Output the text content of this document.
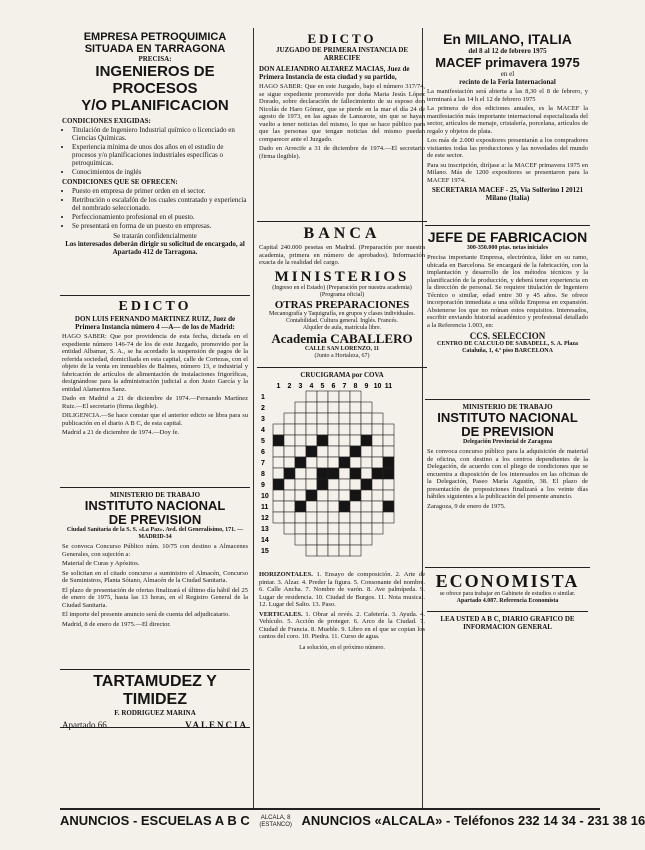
EMPRESA PETROQUIMICA
SITUADA EN TARRAGONA
PRECISA:
INGENIEROS DE PROCESOS
Y/O PLANIFICACION
CONDICIONES EXIGIDAS:
• Titulación de Ingeniero Industrial químico o licenciado en Ciencias Químicas.
• Experiencia mínima de unos dos años en el estudio de procesos y/o planificaciones industriales específicas o petroquímicas.
• Conocimientos de inglés
CONDICIONES QUE SE OFRECEN:
• Puesto en empresa de primer orden en el sector.
• Retribución o escalafón de los cuales contratado y experiencia del nombrado seleccionado.
• Perfeccionamiento profesional en el puesto.
• Se presentará en forma de un puesto en empresas.
Se tratarán confidencialmente
Los interesados deberán dirigir su solicitud de encargado, al Apartado 412 de Tarragona.
EDICTO
DON LUIS FERNANDO MARTINEZ RUIZ, Juez de Primera Instancia número 4 —A— de los de Madrid:
HAGO SABER: Que por providencia de esta fecha, dictada en el expediente número 146-74 de los de este Juzgado, promovido por la entidad Albamar, S. A., se ha acordado la suspensión de pagos de la referida sociedad, domiciliada en esta capital, calle de Cortezas, con el objeto de la venta en inmuebles de Balmes, número 13, e industrial y fabricación de artículos de alimentación de instalaciones frigoríficas, designándose para la administración judicial a don Justo García y la entidad Alamentos Sanz.
Dado en Madrid a 21 de diciembre de 1974.—Fernando Martínez Ruiz.—El secretario (firma ilegible).
DILIGENCIA.—Se hace constar que el anterior edicto se libra para su publicación en el diario A B C, de esta capital.
Madrid a 21 de diciembre de 1974.—Doy fe.
MINISTERIO DE TRABAJO
INSTITUTO NACIONAL
DE PREVISION
Ciudad Sanitaria de la S. S. «La Paz». Avd. del Generalísimo, 171. — MADRID-34
Se convoca Concurso Público núm. 10/75 con destino a Almacenes Generales, con sujeción a:
Material de Curas y Apósitos.
Se solicitan en el citado concurso a suministro el Almacén, Concurso de Suministros, Planta Sótano, Almacén de la Ciudad Sanitaria.
El plazo de presentación de ofertas finalizará el último día hábil del 25 de enero de 1975, hasta las 13 horas, en el Registro General de la Ciudad Sanitaria.
El importe del presente anuncio será de cuenta del adjudicatario.
Madrid, 8 de enero de 1975.—El director.
TARTAMUDEZ Y TIMIDEZ
F. RODRIGUEZ MARINA
Apartado 66	VALENCIA
EDICTO
JUZGADO DE PRIMERA INSTANCIA DE ARRECIFE
DON ALEJANDRO ALTAREZ MACIAS, Juez de Primera Instancia de esta ciudad y su partido,
HAGO SABER: Que en este Juzgado, bajo el número 317/74, se sigue expediente promovido por doña Maria Jesús López Dorado, sobre declaración de fallecimiento de su esposo don Nicolás de Haro Gómez, que se pierde en la mar el día 24 de agosto de 1973, en las aguas de Lanzarote, sin que se hayan vuelto a tener noticias del mismo, lo que se hace público para que las personas que tengan noticias del mismo puedan comparecer ante el Juzgado.
Dado en Arrecife a 31 de diciembre de 1974.—El secretario (firma ilegible).
BANCA
Capital 240.000 pesetas en Madrid. (Preparación por nuestra academia, primera en número de aprobados). Información exacta de la realidad del cargo.
MINISTERIOS
(Ingreso en el Estado) (Preparación por nuestra academia) (Programa oficial)
OTRAS PREPARACIONES
Mecanografía y Taquigrafía, en grupos y clases individuales. Contabilidad. Cultura general. Inglés. Francés.
Alquiler de aula, matrícula libre.
Academia CABALLERO
CALLE SAN LORENZO, 11
(Junto a Hortaleza, 67)
CRUCIGRAMA por COVA
1 2 3 4 5 6 7 8 9 10 11
1
2
3
4
5
6
7
8
9
10
11
12
13
14
15
HORIZONTALES. 1. Ensayo de composición. 2. Arte de pintar. 3. Alzar. 4. Preder la figura. 5. Consonante del nombre. 6. Calle Ancha. 7. Nombre de varón. 8. Ave palmípeda. 9. Lugar de residencia. 10. Ciudad de Burgos. 11. Nota musical. 12. Lugar del Salto. 13. Paso.
VERTICALES. 1. Obrar al revés. 2. Cafetería. 3. Ayuda. 4. Vehículo. 5. Acción de proteger. 6. Arco de la Ciudad. 7. Ciudad de Francia. 8. Mueble. 9. Libro en el que se copian los cantos del coro. 10. Piedra. 11. Curso de agua.
La solución, en el próximo número.
En MILANO, ITALIA
del 8 al 12 de febrero 1975
MACEF primavera 1975
en el
recinto de la Feria Internacional
La manifestación será abierta a las 8,30 el 8 de febrero, y terminará a las 14 h el 12 de febrero 1975
La primera de dos ediciones anuales, es la MACEF la manifestación más importante internacional especializada del sector, artículos de menaje, cristalería, porcelana, artículos de regalo y objetos de plata.
Los más de 2.000 expositores presentarán a los compradores visitantes todas las producciones y las novedades del mundo de este sector.
Para su inscripción, diríjase a: la MACEF primavera 1975 en Milano. Más de 1200 expositores se presentaron para la MACEF 1974.
SECRETARIA MACEF - 25, Via Solferino I 20121 Milano (Italia)
JEFE DE FABRICACION
300-350.000 ptas. netas iniciales
Precisa importante Empresa, electrónica, líder en su ramo, ubicada en Barcelona. Se encargará de la fabricación, con la implantación y desarrollo de los métodos técnicos y la planificación de la producción, y deberá tener experiencia en la dirección de personal. Se requiere titulación de Ingeniero Técnico o similar, edad entre 30 y 45 años. Se ofrece incorporación inmediata a una sólida Empresa en expansión. Abstenerse los que no reúnan estos requisitos. Interesados, escribir enviando historial académico y profesional detallado a la Referencia 1.003, en:
CCS. SELECCION
CENTRO DE CALCULO DE SABADELL, S. A. Plaza Cataluña, 1, 4.º piso BARCELONA
MINISTERIO DE TRABAJO
INSTITUTO NACIONAL
DE PREVISION
Delegación Provincial de Zaragoza
Se convoca concurso público para la adquisición de material de oficina, con destino a los centros dependientes de la Delegación, de acuerdo con el pliego de condiciones que se encuentra a disposición de los interesados en las oficinas de la Delegación, Paseo María Agustín, 38. El plazo de presentación de proposiciones finalizará a los veinte días hábiles siguientes a la publicación del presente anuncio.
Zaragoza, 9 de enero de 1975.
ECONOMISTA
se ofrece para trabajar en Gabinete de estudios o similar.
Apartado 4.087. Referencia Economista
LEA USTED A B C, DIARIO GRAFICO DE INFORMACION GENERAL
ANUNCIOS - ESCUELAS A B C ALCALA, 8
(ESTANCO) ANUNCIOS «ALCALA» - Teléfonos 232 14 34 - 231 38 16
